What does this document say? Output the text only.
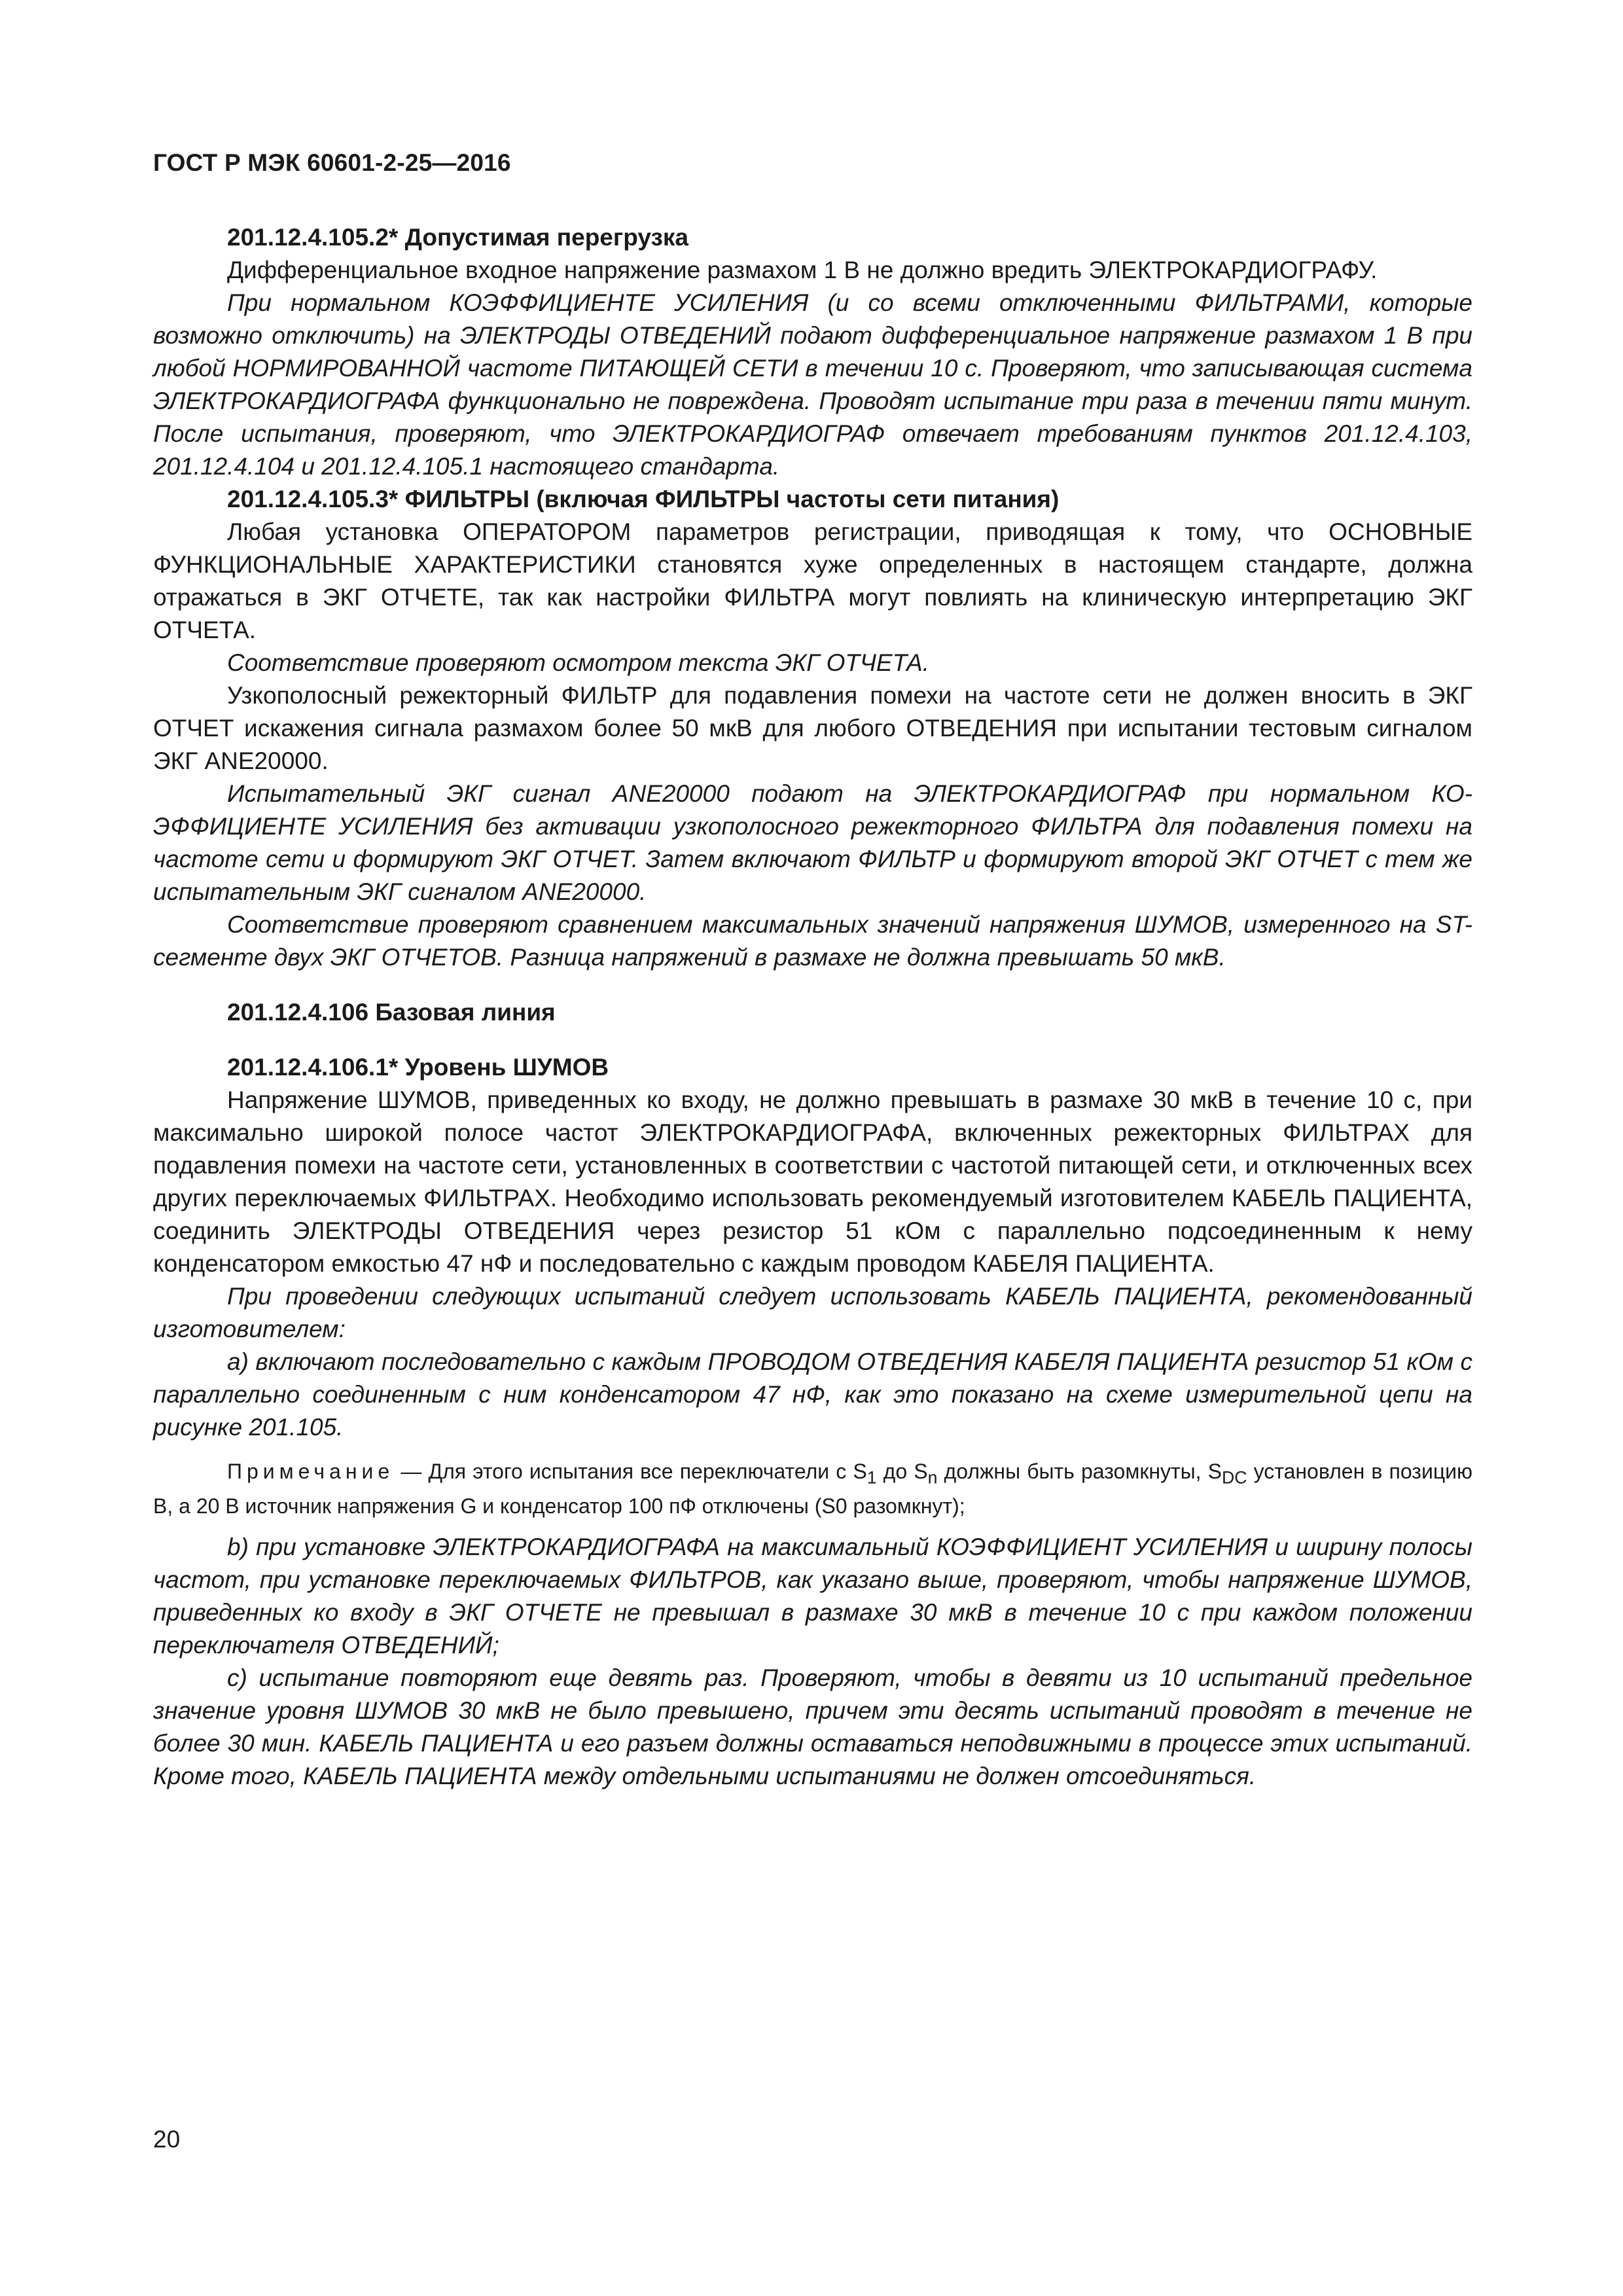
ГОСТ Р МЭК 60601-2-25—2016

201.12.4.105.2* Допустимая перегрузка

Дифференциальное входное напряжение размахом 1 В не должно вредить ЭЛЕКТРОКАРДИОГРАФУ.

При нормальном КОЭФФИЦИЕНТЕ УСИЛЕНИЯ (и со всеми отключенными ФИЛЬТРАМИ, которые возможно отключить) на ЭЛЕКТРОДЫ ОТВЕДЕНИЙ подают дифференциальное напряжение размахом 1 В при любой НОРМИРОВАННОЙ частоте ПИТАЮЩЕЙ СЕТИ в течении 10 с. Проверяют, что записывающая система ЭЛЕКТРОКАРДИОГРАФА функционально не повреждена. Проводят испытание три раза в течении пяти минут. После испытания, проверяют, что ЭЛЕКТРОКАРДИОГРАФ отвечает требованиям пунктов 201.12.4.103, 201.12.4.104 и 201.12.4.105.1 настоящего стандарта.

201.12.4.105.3* ФИЛЬТРЫ (включая ФИЛЬТРЫ частоты сети питания)

Любая установка ОПЕРАТОРОМ параметров регистрации, приводящая к тому, что ОСНОВНЫЕ ФУНКЦИОНАЛЬНЫЕ ХАРАКТЕРИСТИКИ становятся хуже определенных в настоящем стандарте, должна отражаться в ЭКГ ОТЧЕТЕ, так как настройки ФИЛЬТРА могут повлиять на клиническую интерпретацию ЭКГ ОТЧЕТА.

Соответствие проверяют осмотром текста ЭКГ ОТЧЕТА.

Узкополосный режекторный ФИЛЬТР для подавления помехи на частоте сети не должен вносить в ЭКГ ОТЧЕТ искажения сигнала размахом более 50 мкВ для любого ОТВЕДЕНИЯ при испытании тестовым сигналом ЭКГ ANE20000.

Испытательный ЭКГ сигнал ANE20000 подают на ЭЛЕКТРОКАРДИОГРАФ при нормальном КОЭФФИЦИЕНТЕ УСИЛЕНИЯ без активации узкополосного режекторного ФИЛЬТРА для подавления помехи на частоте сети и формируют ЭКГ ОТЧЕТ. Затем включают ФИЛЬТР и формируют второй ЭКГ ОТЧЕТ с тем же испытательным ЭКГ сигналом ANE20000.

Соответствие проверяют сравнением максимальных значений напряжения ШУМОВ, измеренного на ST-сегменте двух ЭКГ ОТЧЕТОВ. Разница напряжений в размахе не должна превышать 50 мкВ.

201.12.4.106 Базовая линия

201.12.4.106.1* Уровень ШУМОВ

Напряжение ШУМОВ, приведенных ко входу, не должно превышать в размахе 30 мкВ в течение 10 с, при максимально широкой полосе частот ЭЛЕКТРОКАРДИОГРАФА, включенных режекторных ФИЛЬТРАХ для подавления помехи на частоте сети, установленных в соответствии с частотой питающей сети, и отключенных всех других переключаемых ФИЛЬТРАХ. Необходимо использовать рекомендуемый изготовителем КАБЕЛЬ ПАЦИЕНТА, соединить ЭЛЕКТРОДЫ ОТВЕДЕНИЯ через резистор 51 кОм с параллельно подсоединенным к нему конденсатором емкостью 47 нФ и последовательно с каждым проводом КАБЕЛЯ ПАЦИЕНТА.

При проведении следующих испытаний следует использовать КАБЕЛЬ ПАЦИЕНТА, рекомендованный изготовителем:

а) включают последовательно с каждым ПРОВОДОМ ОТВЕДЕНИЯ КАБЕЛЯ ПАЦИЕНТА резистор 51 кОм с параллельно соединенным с ним конденсатором 47 нФ, как это показано на схеме измерительной цепи на рисунке 201.105.

Примечание — Для этого испытания все переключатели с $S_1$ до $S_n$ должны быть разомкнуты, $S_{DC}$ установлен в позицию В, а 20 В источник напряжения G и конденсатор 100 пФ отключены (S0 разомкнут);

b) при установке ЭЛЕКТРОКАРДИОГРАФА на максимальный КОЭФФИЦИЕНТ УСИЛЕНИЯ и ширину полосы частот, при установке переключаемых ФИЛЬТРОВ, как указано выше, проверяют, чтобы напряжение ШУМОВ, приведенных ко входу в ЭКГ ОТЧЕТЕ не превышал в размахе 30 мкВ в течение 10 с при каждом положении переключателя ОТВЕДЕНИЙ;

с) испытание повторяют еще девять раз. Проверяют, чтобы в девяти из 10 испытаний предельное значение уровня ШУМОВ 30 мкВ не было превышено, причем эти десять испытаний проводят в течение не более 30 мин. КАБЕЛЬ ПАЦИЕНТА и его разъем должны оставаться неподвижными в процессе этих испытаний. Кроме того, КАБЕЛЬ ПАЦИЕНТА между отдельными испытаниями не должен отсоединяться.

20
